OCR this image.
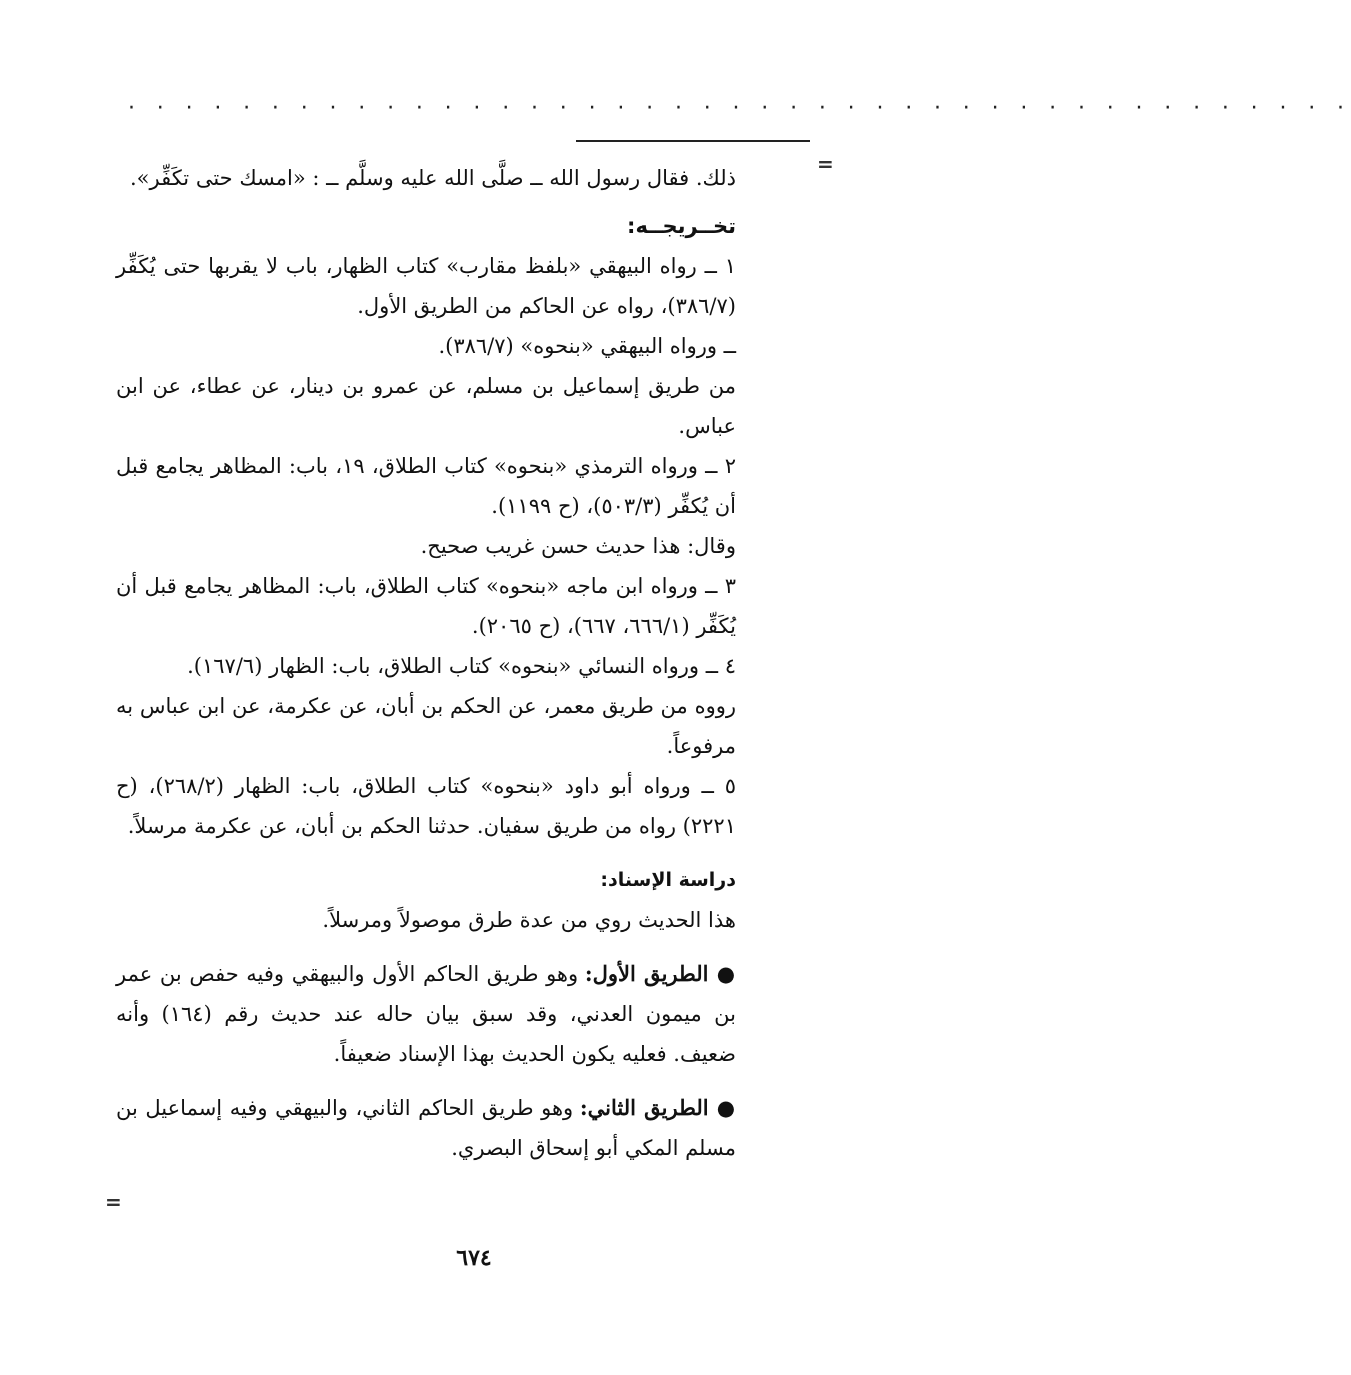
· · · · · · · · · · · · · · · · · · · · · · · · · · · · · · · · · · · · · · · · · · ·
=

ذلك. فقال رسول الله ــ صلَّى الله عليه وسلَّم ــ : «امسك حتى تكَفِّر».

تخــريجــه:

١ ــ رواه البيهقي «بلفظ مقارب» كتاب الظهار، باب لا يقربها حتى يُكَفِّر (٣٨٦/٧)، رواه عن الحاكم من الطريق الأول.

ــ ورواه البيهقي «بنحوه» (٣٨٦/٧).

من طريق إسماعيل بن مسلم، عن عمرو بن دينار، عن عطاء، عن ابن عباس.

٢ ــ ورواه الترمذي «بنحوه» كتاب الطلاق، ١٩، باب: المظاهر يجامع قبل أن يُكفِّر (٥٠٣/٣)، (ح ١١٩٩).

وقال: هذا حديث حسن غريب صحيح.

٣ ــ ورواه ابن ماجه «بنحوه» كتاب الطلاق، باب: المظاهر يجامع قبل أن يُكَفِّر (٦٦٦/١، ٦٦٧)، (ح ٢٠٦٥).

٤ ــ ورواه النسائي «بنحوه» كتاب الطلاق، باب: الظهار (١٦٧/٦).

رووه من طريق معمر، عن الحكم بن أبان، عن عكرمة، عن ابن عباس به مرفوعاً.

٥ ــ ورواه أبو داود «بنحوه» كتاب الطلاق، باب: الظهار (٢٦٨/٢)، (ح ٢٢٢١) رواه من طريق سفيان. حدثنا الحكم بن أبان، عن عكرمة مرسلاً.

دراسة الإسناد:

هذا الحديث روي من عدة طرق موصولاً ومرسلاً.

● الطريق الأول: وهو طريق الحاكم الأول والبيهقي وفيه حفص بن عمر بن ميمون العدني، وقد سبق بيان حاله عند حديث رقم (١٦٤) وأنه ضعيف. فعليه يكون الحديث بهذا الإسناد ضعيفاً.

● الطريق الثاني: وهو طريق الحاكم الثاني، والبيهقي وفيه إسماعيل بن مسلم المكي أبو إسحاق البصري.

=
٦٧٤
